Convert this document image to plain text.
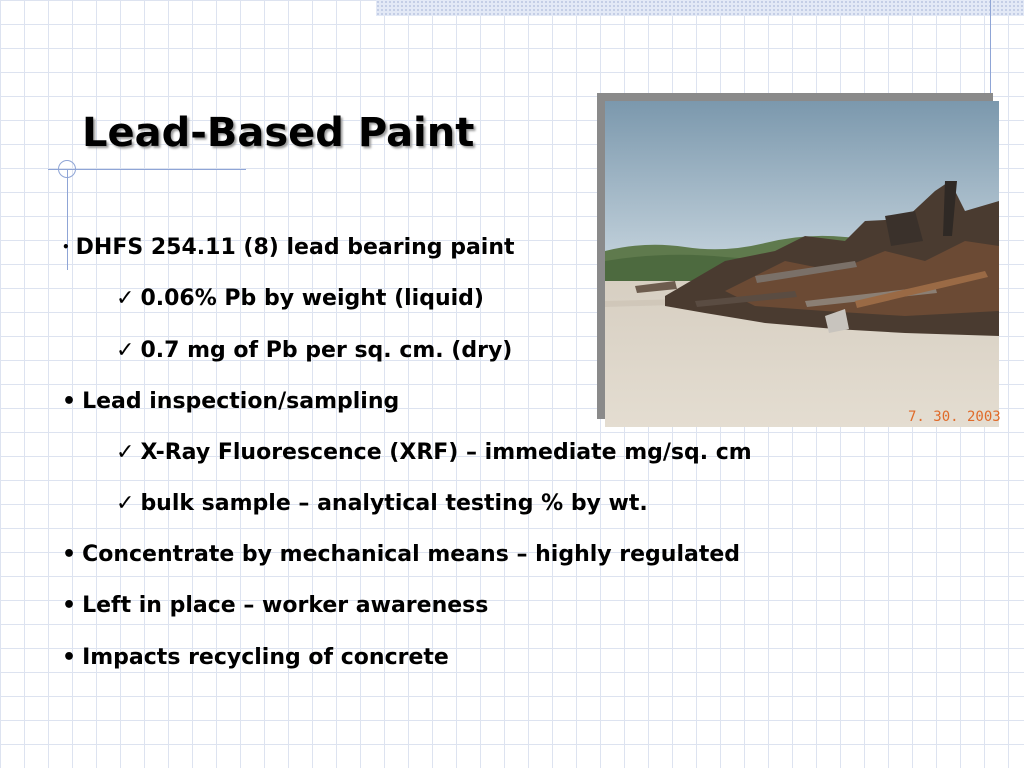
Lead-Based Paint
7. 30. 2003
• DHFS 254.11 (8) lead bearing paint
✓ 0.06% Pb by weight (liquid)
✓ 0.7 mg of Pb per sq. cm. (dry)
• Lead inspection/sampling
✓ X-Ray Fluorescence (XRF) – immediate mg/sq. cm
✓ bulk sample – analytical testing % by wt.
• Concentrate by mechanical means – highly regulated
• Left in place – worker awareness
• Impacts recycling of concrete
